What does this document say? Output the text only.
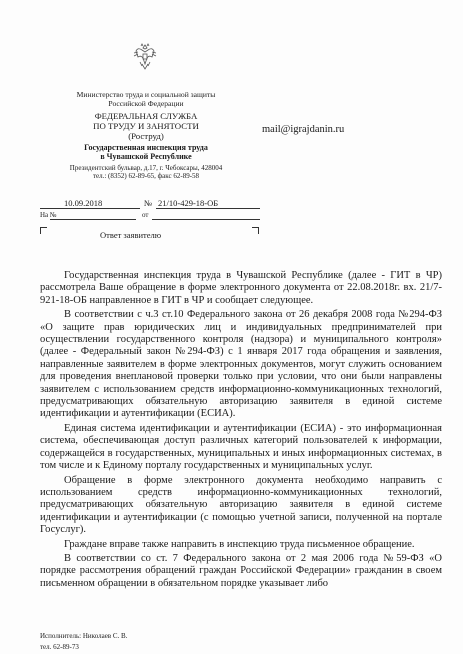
Министерство труда и социальной защиты
Российской Федерации
ФЕДЕРАЛЬНАЯ СЛУЖБА
ПО ТРУДУ И ЗАНЯТОСТИ
(Роструд)
Государственная инспекция труда
в Чувашской Республике
Президентский бульвар, д.17, г. Чебоксары, 428004
тел.: (8352) 62-89-65, факс 62-89-58
mail@igrajdanin.ru
10.09.2018	№ 21/10-429-18-ОБ
На №	от
Ответ заявителю

Государственная инспекция труда в Чувашской Республике (далее - ГИТ в ЧР) рассмотрела Ваше обращение в форме электронного документа от 22.08.2018г. вх. 21/7-921-18-ОБ направленное в ГИТ в ЧР и сообщает следующее.

В соответствии с ч.3 ст.10 Федерального закона от 26 декабря 2008 года №294-ФЗ «О защите прав юридических лиц и индивидуальных предпринимателей при осуществлении государственного контроля (надзора) и муниципального контроля» (далее - Федеральный закон №294-ФЗ) с 1 января 2017 года обращения и заявления, направленные заявителем в форме электронных документов, могут служить основанием для проведения внеплановой проверки только при условии, что они были направлены заявителем с использованием средств информационно-коммуникационных технологий, предусматривающих обязательную авторизацию заявителя в единой системе идентификации и аутентификации (ЕСИА).

Единая система идентификации и аутентификации (ЕСИА) - это информационная система, обеспечивающая доступ различных категорий пользователей к информации, содержащейся в государственных, муниципальных и иных информационных системах, в том числе и к Единому порталу государственных и муниципальных услуг.

Обращение в форме электронного документа необходимо направить с использованием средств информационно-коммуникационных технологий, предусматривающих обязательную авторизацию заявителя в единой системе идентификации и аутентификации (с помощью учетной записи, полученной на портале Госуслуг).

Граждане вправе также направить в инспекцию труда письменное обращение.

В соответствии со ст. 7 Федерального закона от 2 мая 2006 года №59-ФЗ «О порядке рассмотрения обращений граждан Российской Федерации» гражданин в своем письменном обращении в обязательном порядке указывает либо

Исполнитель: Николаев С. В.
тел. 62-89-73
